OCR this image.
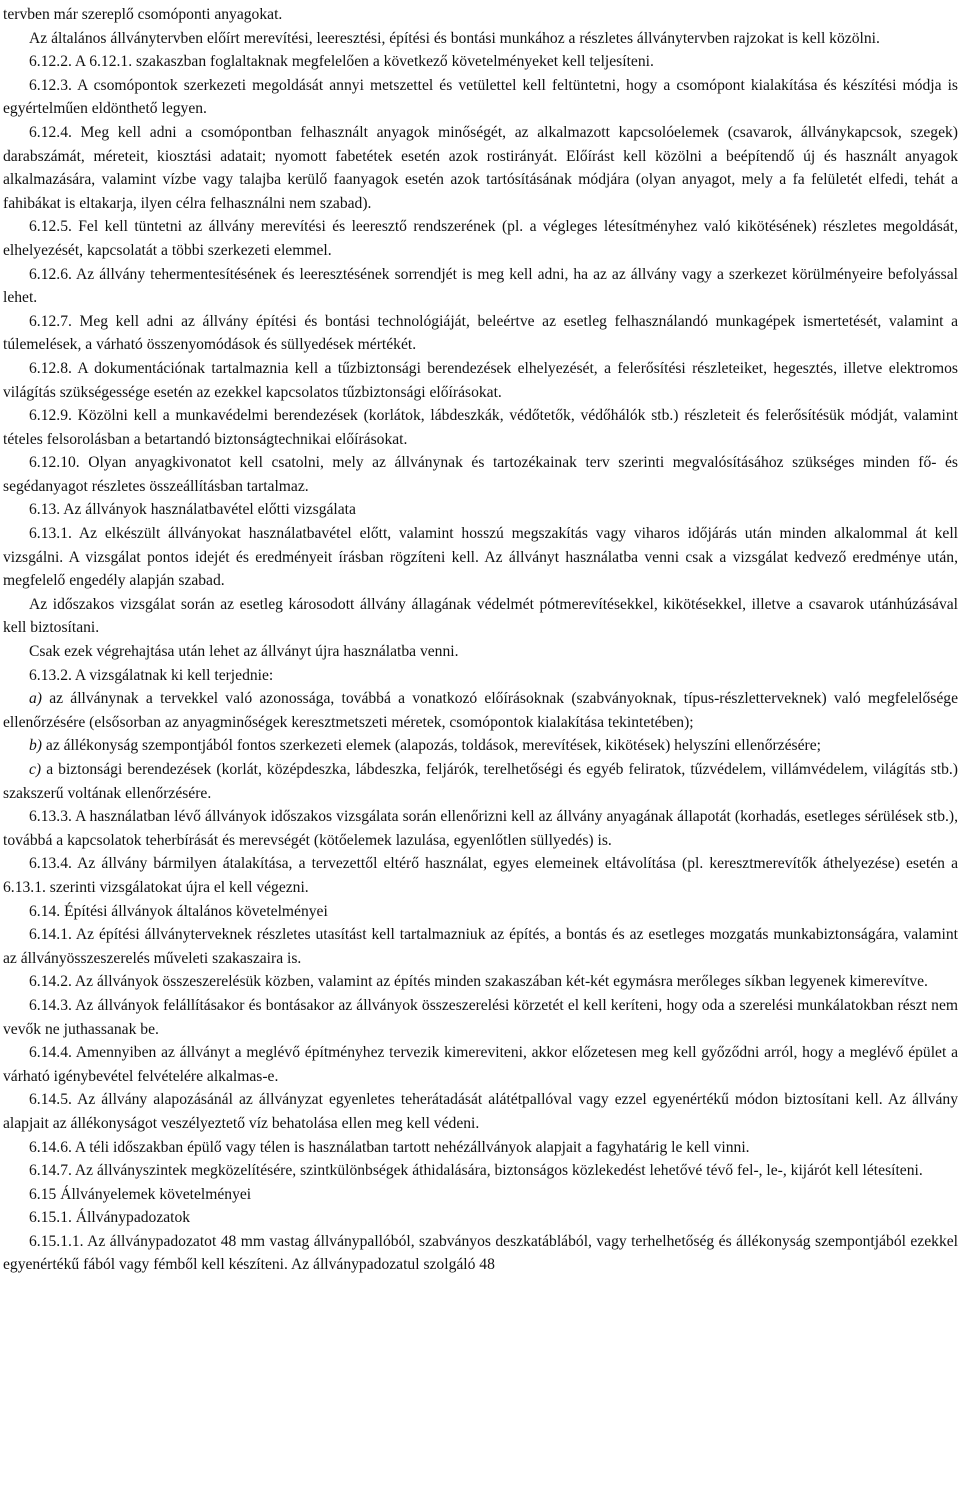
tervben már szereplő csomóponti anyagokat.

Az általános állványtervben előírt merevítési, leeresztési, építési és bontási munkához a részletes állványtervben rajzokat is kell közölni.

6.12.2. A 6.12.1. szakaszban foglaltaknak megfelelően a következő követelményeket kell teljesíteni.

6.12.3. A csomópontok szerkezeti megoldását annyi metszettel és vetülettel kell feltüntetni, hogy a csomópont kialakítása és készítési módja is egyértelműen eldönthető legyen.

6.12.4. Meg kell adni a csomópontban felhasznált anyagok minőségét, az alkalmazott kapcsolóelemek (csavarok, állványkapcsok, szegek) darabszámát, méreteit, kiosztási adatait; nyomott fabetétek esetén azok rostirányát. Előírást kell közölni a beépítendő új és használt anyagok alkalmazására, valamint vízbe vagy talajba kerülő faanyagok esetén azok tartósításának módjára (olyan anyagot, mely a fa felületét elfedi, tehát a fahibákat is eltakarja, ilyen célra felhasználni nem szabad).

6.12.5. Fel kell tüntetni az állvány merevítési és leeresztő rendszerének (pl. a végleges létesítményhez való kikötésének) részletes megoldását, elhelyezését, kapcsolatát a többi szerkezeti elemmel.

6.12.6. Az állvány tehermentesítésének és leeresztésének sorrendjét is meg kell adni, ha az az állvány vagy a szerkezet körülményeire befolyással lehet.

6.12.7. Meg kell adni az állvány építési és bontási technológiáját, beleértve az esetleg felhasználandó munkagépek ismertetését, valamint a túlemelések, a várható összenyomódások és süllyedések mértékét.

6.12.8. A dokumentációnak tartalmaznia kell a tűzbiztonsági berendezések elhelyezését, a felerősítési részleteiket, hegesztés, illetve elektromos világítás szükségessége esetén az ezekkel kapcsolatos tűzbiztonsági előírásokat.

6.12.9. Közölni kell a munkavédelmi berendezések (korlátok, lábdeszkák, védőtetők, védőhálók stb.) részleteit és felerősítésük módját, valamint tételes felsorolásban a betartandó biztonságtechnikai előírásokat.

6.12.10. Olyan anyagkivonatot kell csatolni, mely az állványnak és tartozékainak terv szerinti megvalósításához szükséges minden fő- és segédanyagot részletes összeállításban tartalmaz.

6.13. Az állványok használatbavétel előtti vizsgálata

6.13.1. Az elkészült állványokat használatbavétel előtt, valamint hosszú megszakítás vagy viharos időjárás után minden alkalommal át kell vizsgálni. A vizsgálat pontos idejét és eredményeit írásban rögzíteni kell. Az állványt használatba venni csak a vizsgálat kedvező eredménye után, megfelelő engedély alapján szabad.

Az időszakos vizsgálat során az esetleg károsodott állvány állagának védelmét pótmerevítésekkel, kikötésekkel, illetve a csavarok utánhúzásával kell biztosítani.

Csak ezek végrehajtása után lehet az állványt újra használatba venni.

6.13.2. A vizsgálatnak ki kell terjednie:

a) az állványnak a tervekkel való azonossága, továbbá a vonatkozó előírásoknak (szabványoknak, típus-részletterveknek) való megfelelősége ellenőrzésére (elsősorban az anyagminőségek keresztmetszeti méretek, csomópontok kialakítása tekintetében);

b) az állékonyság szempontjából fontos szerkezeti elemek (alapozás, toldások, merevítések, kikötések) helyszíni ellenőrzésére;

c) a biztonsági berendezések (korlát, középdeszka, lábdeszka, feljárók, terelhetőségi és egyéb feliratok, tűzvédelem, villámvédelem, világítás stb.) szakszerű voltának ellenőrzésére.

6.13.3. A használatban lévő állványok időszakos vizsgálata során ellenőrizni kell az állvány anyagának állapotát (korhadás, esetleges sérülések stb.), továbbá a kapcsolatok teherbírását és merevségét (kötőelemek lazulása, egyenlőtlen süllyedés) is.

6.13.4. Az állvány bármilyen átalakítása, a tervezettől eltérő használat, egyes elemeinek eltávolítása (pl. keresztmerevítők áthelyezése) esetén a 6.13.1. szerinti vizsgálatokat újra el kell végezni.

6.14. Építési állványok általános követelményei

6.14.1. Az építési állványterveknek részletes utasítást kell tartalmazniuk az építés, a bontás és az esetleges mozgatás munkabiztonságára, valamint az állványösszeszerelés műveleti szakaszaira is.

6.14.2. Az állványok összeszerelésük közben, valamint az építés minden szakaszában két-két egymásra merőleges síkban legyenek kimerevítve.

6.14.3. Az állványok felállításakor és bontásakor az állványok összeszerelési körzetét el kell keríteni, hogy oda a szerelési munkálatokban részt nem vevők ne juthassanak be.

6.14.4. Amennyiben az állványt a meglévő építményhez tervezik kimereviteni, akkor előzetesen meg kell győződni arról, hogy a meglévő épület a várható igénybevétel felvételére alkalmas-e.

6.14.5. Az állvány alapozásánál az állványzat egyenletes teherátadását alátétpallóval vagy ezzel egyenértékű módon biztosítani kell. Az állvány alapjait az állékonyságot veszélyeztető víz behatolása ellen meg kell védeni.

6.14.6. A téli időszakban épülő vagy télen is használatban tartott nehézállványok alapjait a fagyhatárig le kell vinni.

6.14.7. Az állványszintek megközelítésére, szintkülönbségek áthidalására, biztonságos közlekedést lehetővé tévő fel-, le-, kijárót kell létesíteni.

6.15 Állványelemek követelményei

6.15.1. Állványpadozatok

6.15.1.1. Az állványpadozatot 48 mm vastag állványpallóból, szabványos deszkatáblából, vagy terhelhetőség és állékonyság szempontjából ezekkel egyenértékű fából vagy fémből kell készíteni. Az állványpadozatul szolgáló 48
